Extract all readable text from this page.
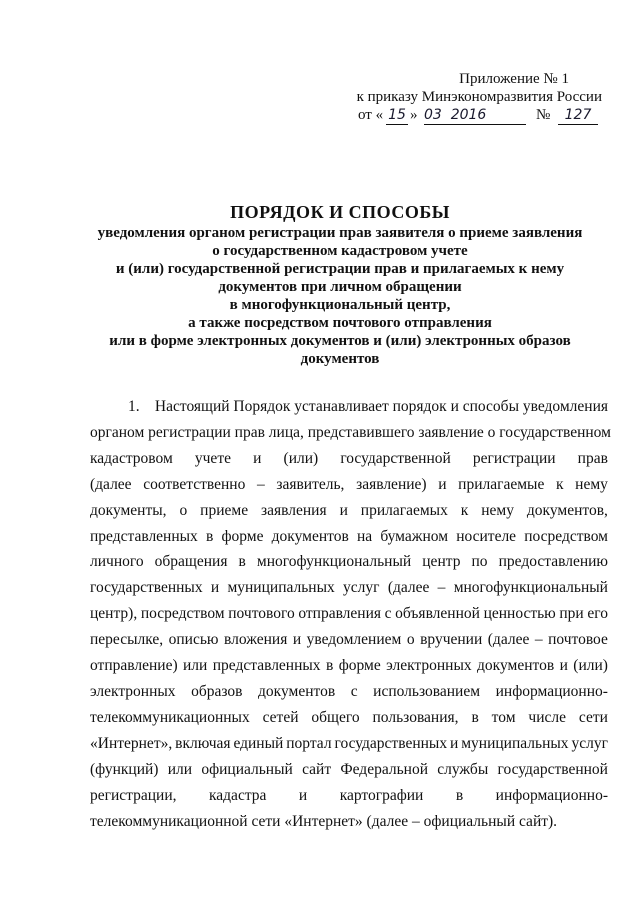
Приложение № 1
к приказу Минэкономразвития России
от « 15 » 03  2016	№	127
ПОРЯДОК И СПОСОБЫ
уведомления органом регистрации прав заявителя о приеме заявления
о государственном кадастровом учете
и (или) государственной регистрации прав и прилагаемых к нему
документов при личном обращении
в многофункциональный центр,
а также посредством почтового отправления
или в форме электронных документов и (или) электронных образов
документов
1. Настоящий Порядок устанавливает порядок и способы уведомления
органом регистрации прав лица, представившего заявление о государственном
кадастровом учете и (или) государственной регистрации прав
(далее соответственно – заявитель, заявление) и прилагаемые к нему
документы, о приеме заявления и прилагаемых к нему документов,
представленных в форме документов на бумажном носителе посредством
личного обращения в многофункциональный центр по предоставлению
государственных и муниципальных услуг (далее – многофункциональный
центр), посредством почтового отправления с объявленной ценностью при его
пересылке, описью вложения и уведомлением о вручении (далее – почтовое
отправление) или представленных в форме электронных документов и (или)
электронных образов документов с использованием информационно-
телекоммуникационных сетей общего пользования, в том числе сети
«Интернет», включая единый портал государственных и муниципальных услуг
(функций) или официальный сайт Федеральной службы государственной
регистрации, кадастра и картографии в информационно-
телекоммуникационной сети «Интернет» (далее – официальный сайт).
